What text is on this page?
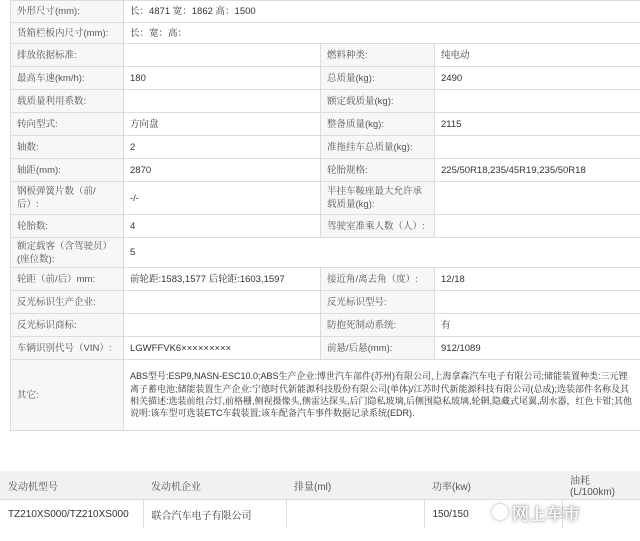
外形尺寸(mm):	长：4871 宽：1862 高：1500		
货箱栏板内尺寸(mm):	长：宽：高：		
排放依据标准:		燃料种类:	纯电动
最高车速(km/h):	180	总质量(kg):	2490
载质量利用系数:		额定载质量(kg):	
转向型式:	方向盘	整备质量(kg):	2115
轴数:	2	准拖挂车总质量(kg):	
轴距(mm):	2870	轮胎规格:	225/50R18,235/45R19,235/50R18
钢板弹簧片数（前/后）:	-/-	半挂车鞍座最大允许承载质量(kg):	
轮胎数:	4	驾驶室准乘人数（人）:	
额定载客（含驾驶员）(座位数):	5		
轮距（前/后）mm:	前轮距:1583,1577 后轮距:1603,1597	接近角/离去角（度）:	12/18
反光标识生产企业:		反光标识型号:	
反光标识商标:		防抱死制动系统:	有
车辆识别代号（VIN）:	LGWFFVK6×××××××××	前悬/后悬(mm):	912/1089
其它:	ABS型号:ESP9,NASN-ESC10.0;ABS生产企业:博世汽车部件(苏州)有限公司,上海拿森汽车电子有限公司;储能装置种类:三元锂离子蓄电池;储能装置生产企业:宁德时代新能源科技股份有限公司(单体)/江苏时代新能源科技有限公司(总成);选装部件名称及其相关描述:选装前组合灯,前格栅,侧视摄像头,侧雷达探头,后门隐私玻璃,后侧围隐私玻璃,轮辋,隐藏式尾翼,刮水器，红色卡钳;其他说明:该车型可选装ETC车载装置;该车配备汽车事件数据记录系统(EDR).		
发动机型号	发动机企业	排量(ml)	功率(kw)	油耗(L/100km)
TZ210XS000/TZ210XS000	联合汽车电子有限公司		150/150		网上车市
